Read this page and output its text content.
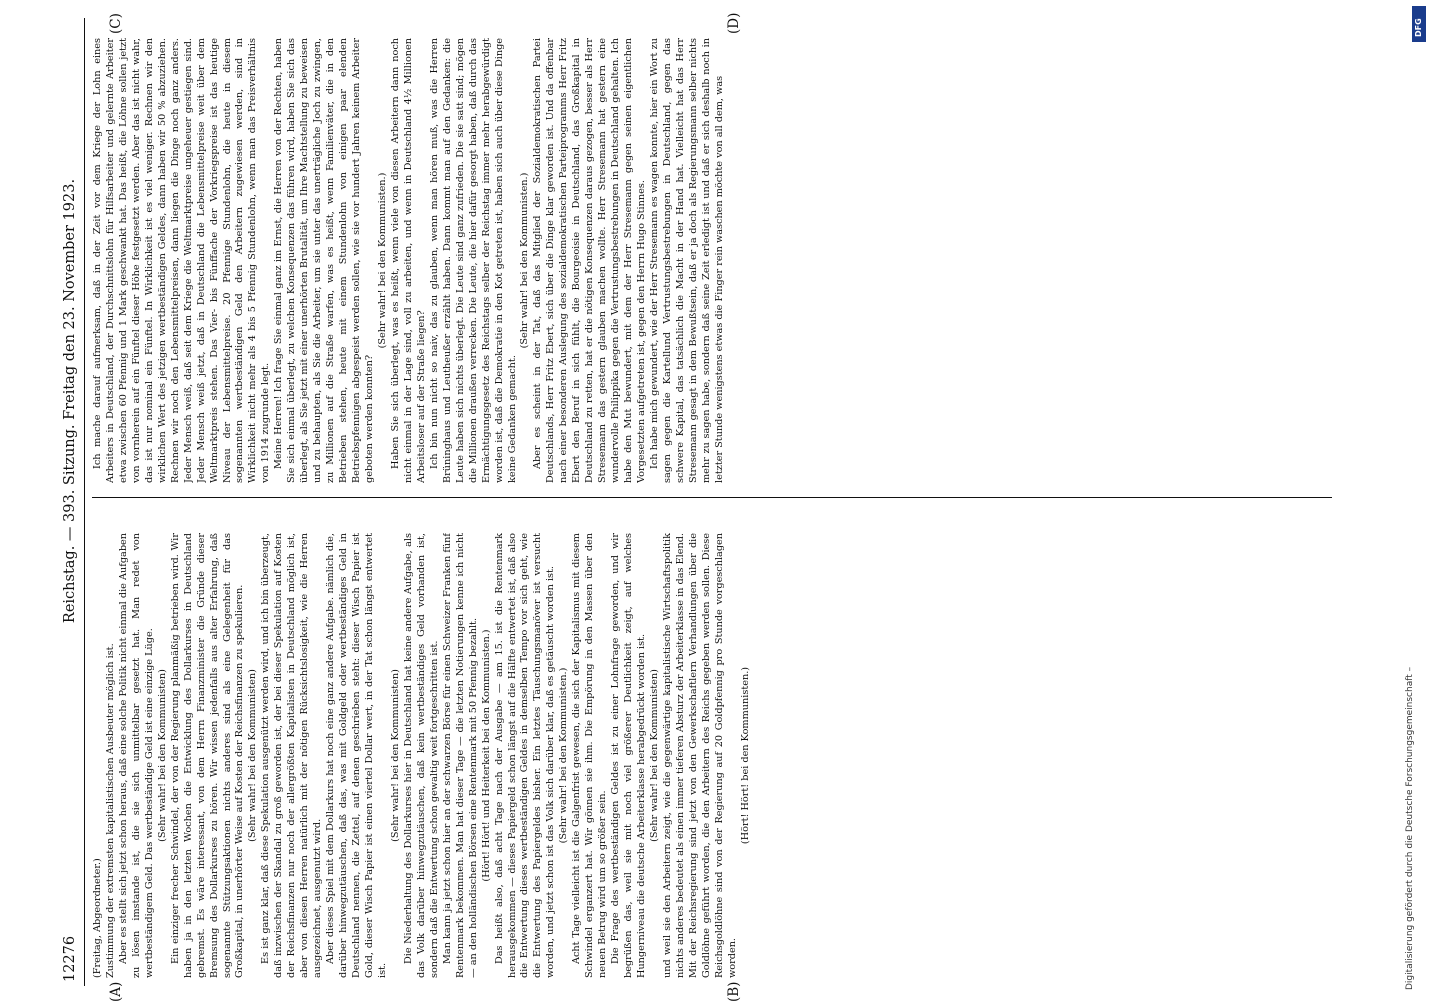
12276
Reichstag. — 393. Sitzung. Freitag den 23. November 1923.
(A)	(B)
(C)	(D)

(Freitag, Abgeordneter.) Zustimmung der extremsten kapitalistischen Ausbeuter möglich ist. Aber es stellt sich jetzt schon heraus, daß eine solche Politik nicht einmal die Aufgaben zu lösen imstande ist, die sie sich unmittelbar gesetzt hat. Man redet von wertbeständigem Geld. Das wertbeständige Geld ist eine einzige Lüge. (Sehr wahr! bei den Kommunisten) Ein einziger frecher Schwindel, der von der Regierung planmäßig betrieben wird. Wir haben ja in den letzten Wochen die Entwicklung des Dollarkurses in Deutschland gebremst. Es wäre interessant, von dem Herrn Finanzminister die Gründe dieser Bremsung des Dollarkurses zu hören. Wir wissen jedenfalls aus alter Erfahrung, daß sogenannte Stützungsaktionen nichts anderes sind als eine Gelegenheit für das Großkapital, in unerhörter Weise auf Kosten der Reichsfinanzen zu spekulieren. (Sehr wahr! bei den Kommunisten) Es ist ganz klar, daß diese Spekulation ausgenützt werden wird, und ich bin überzeugt, daß inzwischen der Skandal zu groß geworden ist, der bei dieser Spekulation auf Kosten der Reichsfinanzen nur noch der allergrößten Kapitalisten in Deutschland möglich ist, aber von diesen Herren natürlich mit der nötigen Rücksichtslosigkeit, wie die Herren ausgezeichnet, ausgenutzt wird. Aber dieses Spiel mit dem Dollarkurs hat noch eine ganz andere Aufgabe. nämlich die, darüber hinwegzutäuschen, daß das, was mit Goldgeld oder wertbeständiges Geld in Deutschland nennen, die Zettel, auf denen geschrieben steht: dieser Wisch Papier ist Gold, dieser Wisch Papier ist einen viertel Dollar wert, in der Tat schon längst entwertet ist.

(Sehr wahr! bei den Kommunisten) Die Niederhaltung des Dollarkurses hier in Deutschland hat keine andere Aufgabe, als das Volk darüber hinwegzutäuschen, daß kein wertbeständiges Geld vorhanden ist, sondern daß die Entwertung schon gewaltig weit fortgeschritten ist. Man kann ja jetzt schon hier an der schwarzen Börse für einen Schweizer Franken fünf Rentenmark bekommen. Man hat dieser Tage — die letzten Notierungen kenne ich nicht — an den holländischen Börsen eine Rentenmark mit 50 Pfennig bezahlt. (Hört! Hört! und Heiterkeit bei den Kommunisten.) Das heißt also, daß acht Tage nach der Ausgabe — am 15. ist die Rentenmark herausgekommen — dieses Papiergeld schon längst auf die Hälfte entwertet ist, daß also die Entwertung dieses wertbeständigen Geldes in demselben Tempo vor sich geht, wie die Entwertung des Papiergeldes bisher. Ein letztes Täuschungsmanöver ist versucht worden, und jetzt schon ist das Volk sich darüber klar, daß es getäuscht worden ist. (Sehr wahr! bei den Kommunisten.) Acht Tage vielleicht ist die Galgenfrist gewesen, die sich der Kapitalismus mit diesem Schwindel erganzert hat. Wir gönnen sie ihm. Die Empörung in den Massen über den neuen Betrug wird um so größer sein. Die Frage des wertbeständigen Geldes ist zu einer Lohnfrage geworden, und wir begrüßen das, weil sie mit noch viel größerer Deutlichkeit zeigt, auf welches Hungerniveau die deutsche Arbeiterklasse herabgedrückt worden ist. (Sehr wahr! bei den Kommunisten) und weil sie den Arbeitern zeigt, wie die gegenwärtige kapitalistische Wirtschaftspolitik nichts anderes bedeutet als einen immer tieferen Absturz der Arbeiterklasse in das Elend. Mit der Reichsregierung sind jetzt von den Gewerkschaftlern Verhandlungen über die Goldlöhne geführt worden, die den Arbeitern des Reichs gegeben werden sollen. Diese Reichsgoldlöhne sind von der Regierung auf 20 Goldpfennig pro Stunde vorgeschlagen worden.

(Hört! Hört! bei den Kommunisten.)

Ich mache darauf aufmerksam, daß in der Zeit vor dem Kriege der Lohn eines Arbeiters in Deutschland, der Durchschnittslohn für Hilfsarbeiter und gelernte Arbeiter etwa zwischen 60 Pfennig und 1 Mark geschwankt hat. Das heißt, die Löhne sollen jetzt von vornherein auf ein Fünftel dieser Höhe festgesetzt werden. Aber das ist nicht wahr, das ist nur nominal ein Fünftel. In Wirklichkeit ist es viel weniger. Rechnen wir den wirklichen Wert des jetzigen wertbeständigen Geldes, dann haben wir 50 % abzuziehen. Rechnen wir noch den Lebensmittelpreisen, dann liegen die Dinge noch ganz anders. Jeder Mensch weiß, daß seit dem Kriege die Weltmarktpreise ungeheuer gestiegen sind. Jeder Mensch weiß jetzt, daß in Deutschland die Lebensmittelpreise weit über dem Weltmarktpreis stehen. Das Vier- bis Fünffache der Vorkriegspreise ist das heutige Niveau der Lebensmittelpreise. 20 Pfennige Stundenlohn, die heute in diesem sogenannten wertbeständigen Geld den Arbeitern zugewiesen werden, sind in Wirklichkeit nicht mehr als 4 bis 5 Pfennig Stundenlohn, wenn man das Preisverhältnis von 1914 zugrunde legt. Meine Herren! Ich frage Sie einmal ganz im Ernst, die Herren von der Rechten, haben Sie sich einmal überlegt, zu welchen Konsequenzen das führen wird, haben Sie sich das überlegt, als Sie jetzt mit einer unerhörten Brutalität, um Ihre Machtstellung zu beweisen und zu behaupten, als Sie die Arbeiter, um sie unter das unerträgliche Joch zu zwingen, zu Millionen auf die Straße warfen, was es heißt, wenn Familienväter, die in den Betrieben stehen, heute mit einem Stundenlohn von einigen paar elenden Betriebspfennigen abgespeist werden sollen, wie sie vor hundert Jahren keinem Arbeiter geboten werden konnten?

(Sehr wahr! bei den Kommunisten.) Haben Sie sich überlegt, was es heißt, wenn viele von diesen Arbeitern dann noch nicht einmal in der Lage sind, voll zu arbeiten, und wenn in Deutschland 4½ Millionen Arbeitsloser auf der Straße liegen? Ich bin nun nicht so naiv, das zu glauben, wenn man hören muß, was die Herren Brüninghaus und Leutheußer erzählt haben. Dann kommt man auf den Gedanken: die Leute haben sich nichts überlegt. Die Leute sind ganz zufrieden. Die sie satt sind; mögen die Millionen draußen verrecken. Die Leute, die hier dafür gesorgt haben, daß durch das Ermächtigungsgesetz des Reichstags selber der Reichstag immer mehr herabgewürdigt worden ist, daß die Demokratie in den Kot getreten ist, haben sich auch über diese Dinge keine Gedanken gemacht.

(Sehr wahr! bei den Kommunisten.) Aber es scheint in der Tat, daß das Mitglied der Sozialdemokratischen Partei Deutschlands, Herr Fritz Ebert, sich über die Dinge klar geworden ist. Und da offenbar nach einer besonderen Auslegung des sozialdemokratischen Parteiprogramms Herr Fritz Ebert den Beruf in sich fühlt, die Bourgeoisie in Deutschland, das Großkapital in Deutschland zu retten, hat er die nötigen Konsequenzen daraus gezogen, besser als Herr Stresemann das gestern glauben machen wollte. Herr Stresemann hat gestern eine wundervolle Philippika gegen die Vertrustungsbestrebungen in Deutschland gehalten. Ich habe den Mut bewundert, mit dem der Herr Stresemann gegen seinen eigentlichen Vorgesetzten aufgetreten ist, gegen den Herrn Hugo Stinnes. Ich habe mich gewundert, wie der Herr Stresemann es wagen konnte, hier ein Wort zu sagen gegen die Kartellund Vertrustungsbestrebungen in Deutschland, gegen das schwere Kapital, das tatsächlich die Macht in der Hand hat. Vielleicht hat das Herr Stresemann gesagt in dem Bewußtsein, daß er ja doch als Regierungsmann selber nichts mehr zu sagen habe, sondern daß seine Zeit erledigt ist und daß er sich deshalb noch in letzter Stunde wenigstens etwas die Finger rein waschen möchte von all dem, was

Digitalisierung gefördert durch die Deutsche Forschungsgemeinschaft –
DFG
